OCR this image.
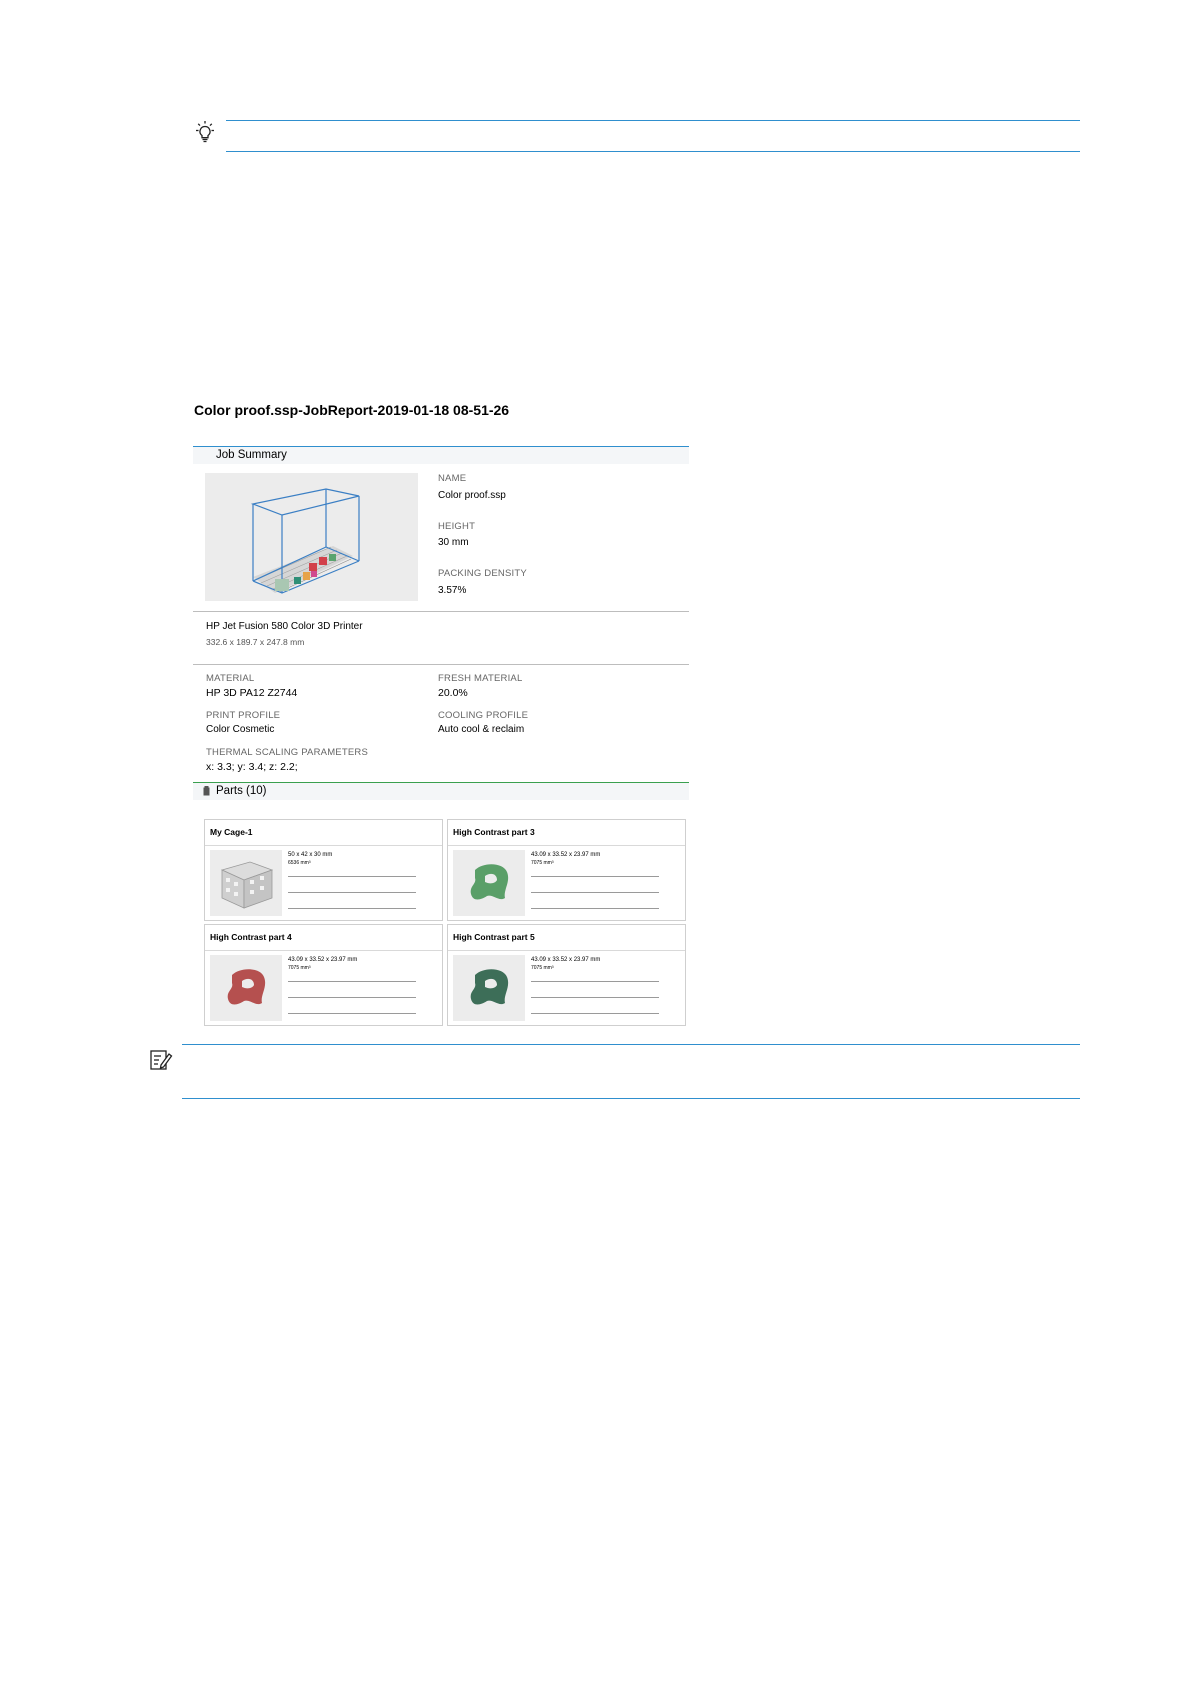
Color proof.ssp-JobReport-2019-01-18 08-51-26
Job Summary
NAME
Color proof.ssp
HEIGHT
30 mm
PACKING DENSITY
3.57%
HP Jet Fusion 580 Color 3D Printer
332.6 x 189.7 x 247.8 mm
MATERIAL
HP 3D PA12 Z2744
FRESH MATERIAL
20.0%
PRINT PROFILE
Color Cosmetic
COOLING PROFILE
Auto cool & reclaim
THERMAL SCALING PARAMETERS
x: 3.3; y: 3.4; z: 2.2;
Parts (10)
My Cage-1
50 x 42 x 30 mm
6536 mm³
High Contrast part 3
43.09 x 33.52 x 23.97 mm
7075 mm³
High Contrast part 4
43.09 x 33.52 x 23.97 mm
7075 mm³
High Contrast part 5
43.09 x 33.52 x 23.97 mm
7075 mm³
